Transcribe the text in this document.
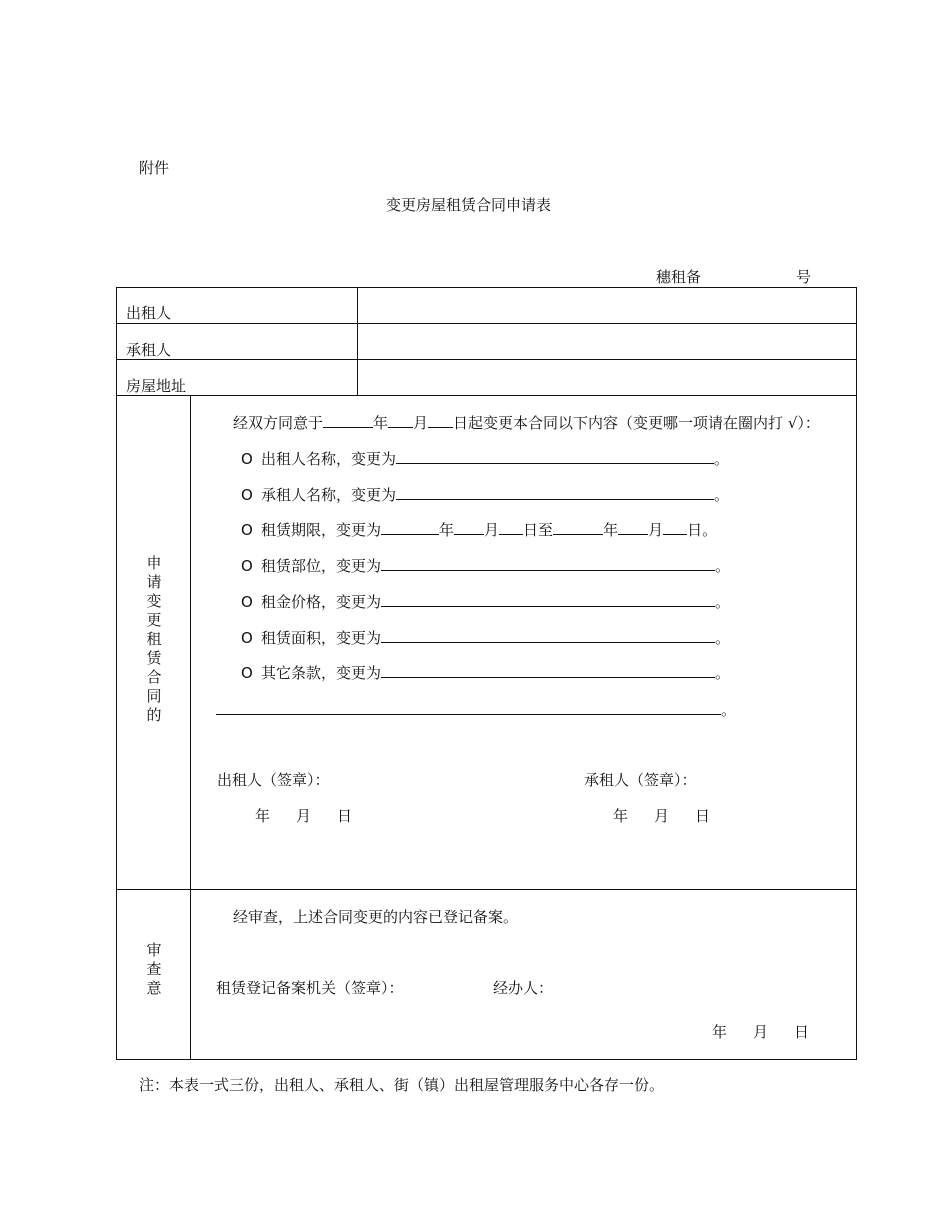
附件
变更房屋租赁合同申请表
穗租备	号
出租人
承租人
房屋地址
申
请
变
更
租
赁
合
同
的
经双方同意于	年 月 日起变更本合同以下内容（变更哪一项请在圈内打 √）：
O 出租人名称，变更为	。
O 承租人名称，变更为	。
O 租赁期限，变更为	年 月 日至	年 月 日。
O 租赁部位，变更为	。
O 租金价格，变更为	。
O 租赁面积，变更为	。
O 其它条款，变更为	。
。
出租人（签章）：	承租人（签章）：
年 月 日	年 月 日
审
查
意
经审查，上述合同变更的内容已登记备案。
租赁登记备案机关（签章）：	经办人：
年 月 日
注：本表一式三份，出租人、承租人、街（镇）出租屋管理服务中心各存一份。
